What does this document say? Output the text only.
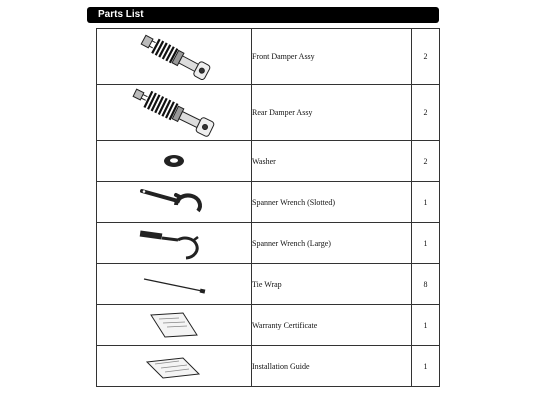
Parts List
	Front Damper Assy	2

	Rear Damper Assy	2

	Washer	2

	Spanner Wrench (Slotted)	1

	Spanner Wrench (Large)	1

	Tie Wrap	8

	Warranty Certificate	1

	Installation Guide	1
